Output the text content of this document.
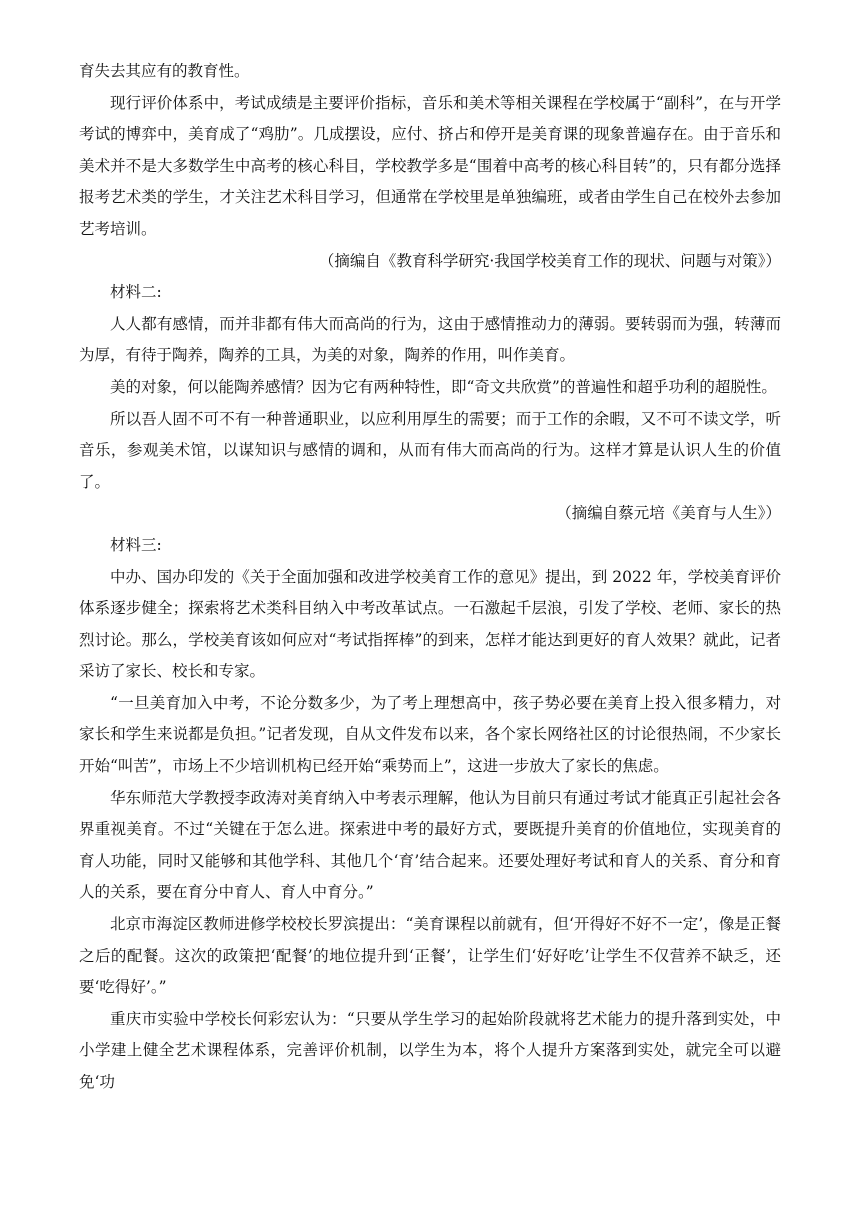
育失去其应有的教育性。

现行评价体系中，考试成绩是主要评价指标，音乐和美术等相关课程在学校属于“副科”，在与开学考试的博弈中，美育成了“鸡肋”。几成摆设，应付、挤占和停开是美育课的现象普遍存在。由于音乐和美术并不是大多数学生中高考的核心科目，学校教学多是“围着中高考的核心科目转”的，只有都分选择报考艺术类的学生，才关注艺术科目学习，但通常在学校里是单独编班，或者由学生自己在校外去参加艺考培训。

（摘编自《教育科学研究·我国学校美育工作的现状、问题与对策》）

材料二:

人人都有感情，而并非都有伟大而高尚的行为，这由于感情推动力的薄弱。要转弱而为强，转薄而为厚，有待于陶养，陶养的工具，为美的对象，陶养的作用，叫作美育。

美的对象，何以能陶养感情？因为它有两种特性，即“奇文共欣赏”的普遍性和超乎功利的超脱性。

所以吾人固不可不有一种普通职业，以应利用厚生的需要；而于工作的余暇，又不可不读文学，听音乐，参观美术馆，以谋知识与感情的调和，从而有伟大而高尚的行为。这样才算是认识人生的价值了。

（摘编自蔡元培《美育与人生》）

材料三:

中办、国办印发的《关于全面加强和改进学校美育工作的意见》提出，到 2022 年，学校美育评价体系逐步健全；探索将艺术类科目纳入中考改革试点。一石激起千层浪，引发了学校、老师、家长的热烈讨论。那么，学校美育该如何应对“考试指挥棒”的到来，怎样才能达到更好的育人效果？就此，记者采访了家长、校长和专家。

“一旦美育加入中考，不论分数多少，为了考上理想高中，孩子势必要在美育上投入很多精力，对家长和学生来说都是负担。”记者发现，自从文件发布以来，各个家长网络社区的讨论很热闹，不少家长开始“叫苦”，市场上不少培训机构已经开始“乘势而上”，这进一步放大了家长的焦虑。

华东师范大学教授李政涛对美育纳入中考表示理解，他认为目前只有通过考试才能真正引起社会各界重视美育。不过“关键在于怎么进。探索进中考的最好方式，要既提升美育的价值地位，实现美育的育人功能，同时又能够和其他学科、其他几个‘育’结合起来。还要处理好考试和育人的关系、育分和育人的关系，要在育分中育人、育人中育分。”

北京市海淀区教师进修学校校长罗滨提出：“美育课程以前就有，但‘开得好不好不一定’，像是正餐之后的配餐。这次的政策把‘配餐’的地位提升到‘正餐’，让学生们‘好好吃’让学生不仅营养不缺乏，还要‘吃得好’。”

重庆市实验中学校长何彩宏认为：“只要从学生学习的起始阶段就将艺术能力的提升落到实处，中小学建上健全艺术课程体系，完善评价机制，以学生为本，将个人提升方案落到实处，就完全可以避免‘功
